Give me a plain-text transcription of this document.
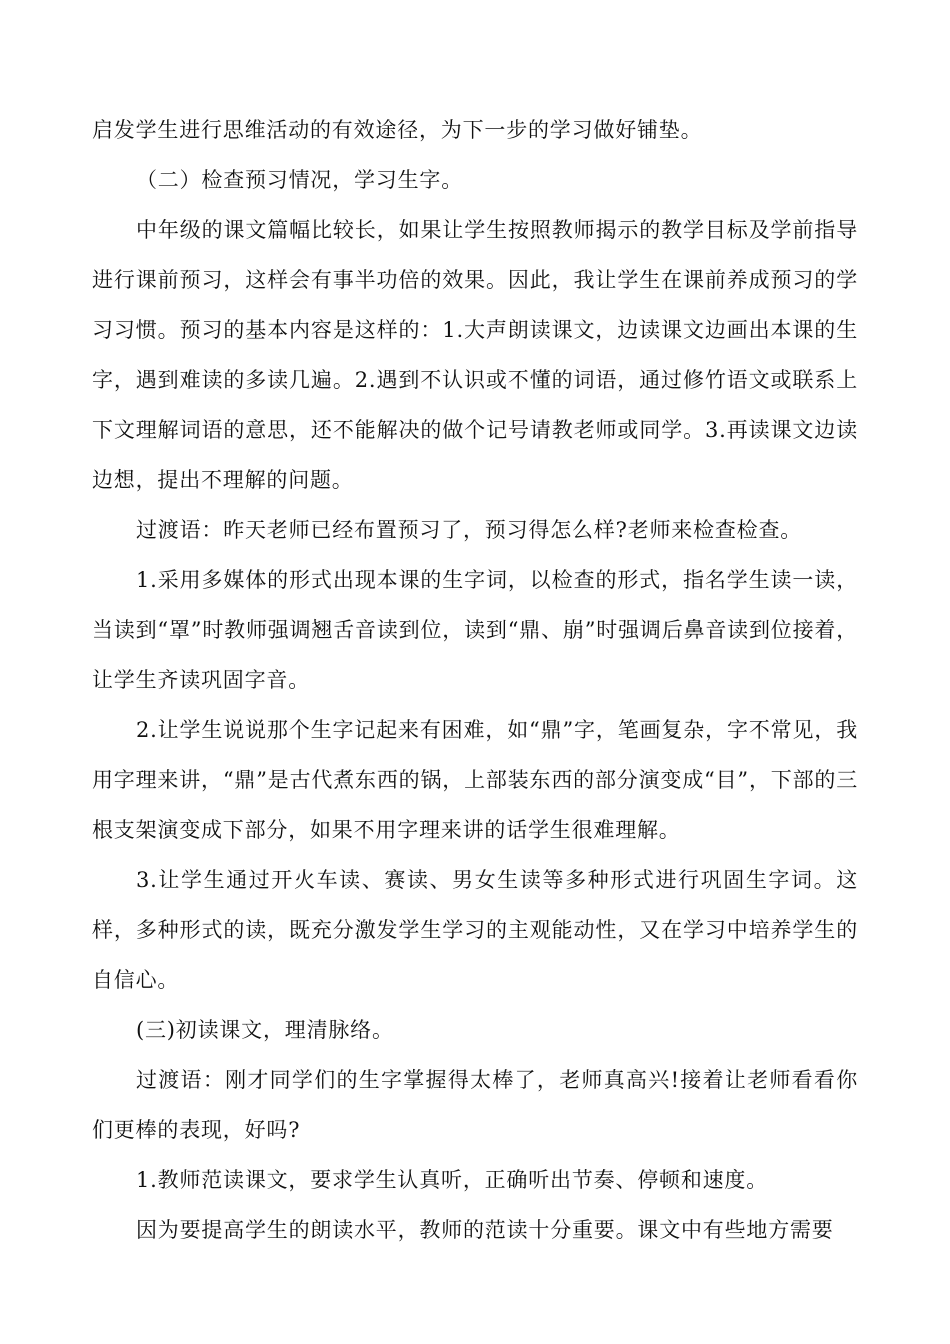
启发学生进行思维活动的有效途径，为下一步的学习做好铺垫。

（二）检查预习情况，学习生字。

中年级的课文篇幅比较长，如果让学生按照教师揭示的教学目标及学前指导进行课前预习，这样会有事半功倍的效果。因此，我让学生在课前养成预习的学习习惯。预习的基本内容是这样的：1.大声朗读课文，边读课文边画出本课的生字，遇到难读的多读几遍。2.遇到不认识或不懂的词语，通过修竹语文或联系上下文理解词语的意思，还不能解决的做个记号请教老师或同学。3.再读课文边读边想，提出不理解的问题。

过渡语：昨天老师已经布置预习了，预习得怎么样?老师来检查检查。

1.采用多媒体的形式出现本课的生字词，以检查的形式，指名学生读一读，当读到“罩”时教师强调翘舌音读到位，读到“鼎、崩”时强调后鼻音读到位接着，让学生齐读巩固字音。

2.让学生说说那个生字记起来有困难，如“鼎”字，笔画复杂，字不常见，我用字理来讲，“鼎”是古代煮东西的锅，上部装东西的部分演变成“目”，下部的三根支架演变成下部分，如果不用字理来讲的话学生很难理解。

3.让学生通过开火车读、赛读、男女生读等多种形式进行巩固生字词。这样，多种形式的读，既充分激发学生学习的主观能动性，又在学习中培养学生的自信心。

(三)初读课文，理清脉络。

过渡语：刚才同学们的生字掌握得太棒了，老师真高兴!接着让老师看看你们更棒的表现，好吗?

1.教师范读课文，要求学生认真听，正确听出节奏、停顿和速度。

因为要提高学生的朗读水平，教师的范读十分重要。课文中有些地方需要
